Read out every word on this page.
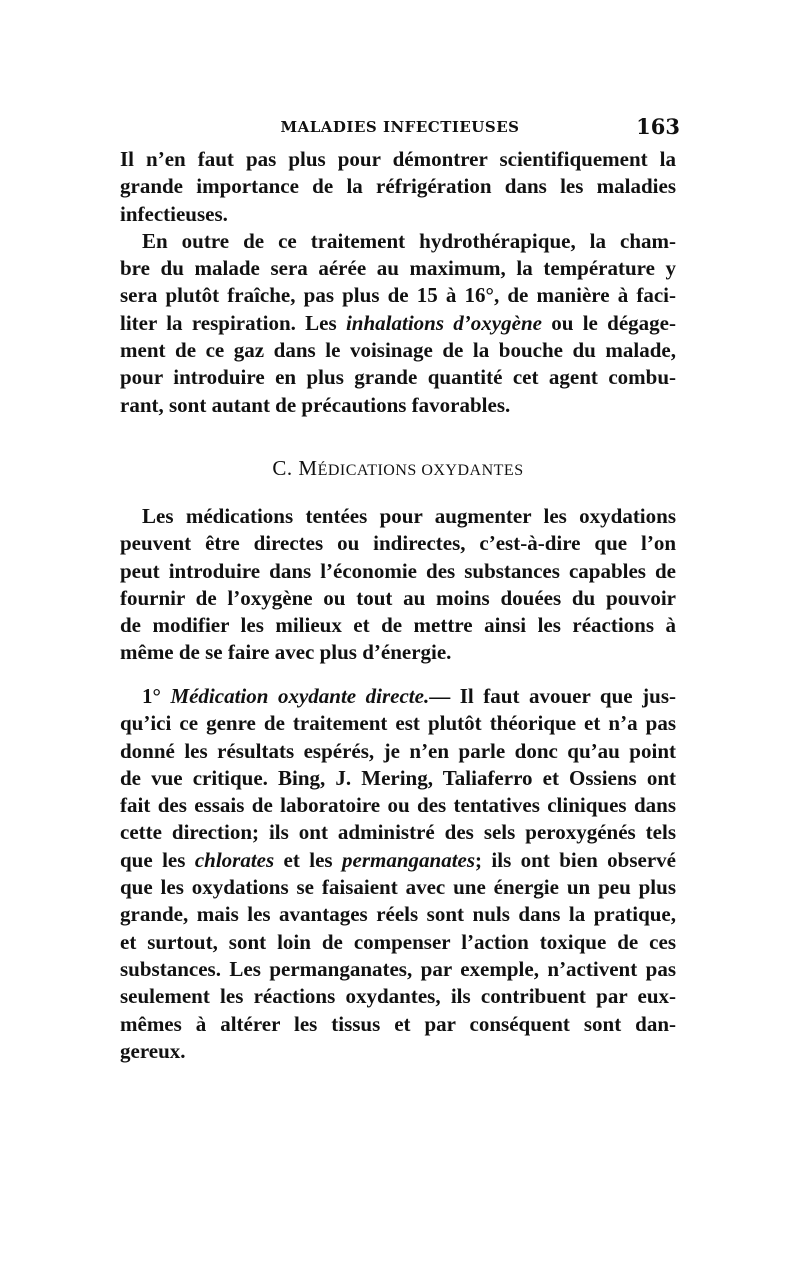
MALADIES INFECTIEUSES	163
Il n’en faut pas plus pour démontrer scientifiquement la
grande importance de la réfrigération dans les maladies
infectieuses.
En outre de ce traitement hydrothérapique, la cham-
bre du malade sera aérée au maximum, la température y
sera plutôt fraîche, pas plus de 15 à 16°, de manière à faci-
liter la respiration. Les inhalations d’oxygène ou le dégage-
ment de ce gaz dans le voisinage de la bouche du malade,
pour introduire en plus grande quantité cet agent combu-
rant, sont autant de précautions favorables.
C. MÉDICATIONS OXYDANTES
Les médications tentées pour augmenter les oxydations
peuvent être directes ou indirectes, c’est-à-dire que l’on
peut introduire dans l’économie des substances capables de
fournir de l’oxygène ou tout au moins douées du pouvoir
de modifier les milieux et de mettre ainsi les réactions à
même de se faire avec plus d’énergie.
1° Médication oxydante directe.— Il faut avouer que jus-
qu’ici ce genre de traitement est plutôt théorique et n’a pas
donné les résultats espérés, je n’en parle donc qu’au point
de vue critique. Bing, J. Mering, Taliaferro et Ossiens ont
fait des essais de laboratoire ou des tentatives cliniques dans
cette direction; ils ont administré des sels peroxygénés tels
que les chlorates et les permanganates; ils ont bien observé
que les oxydations se faisaient avec une énergie un peu plus
grande, mais les avantages réels sont nuls dans la pratique,
et surtout, sont loin de compenser l’action toxique de ces
substances. Les permanganates, par exemple, n’activent pas
seulement les réactions oxydantes, ils contribuent par eux-
mêmes à altérer les tissus et par conséquent sont dan-
gereux.
